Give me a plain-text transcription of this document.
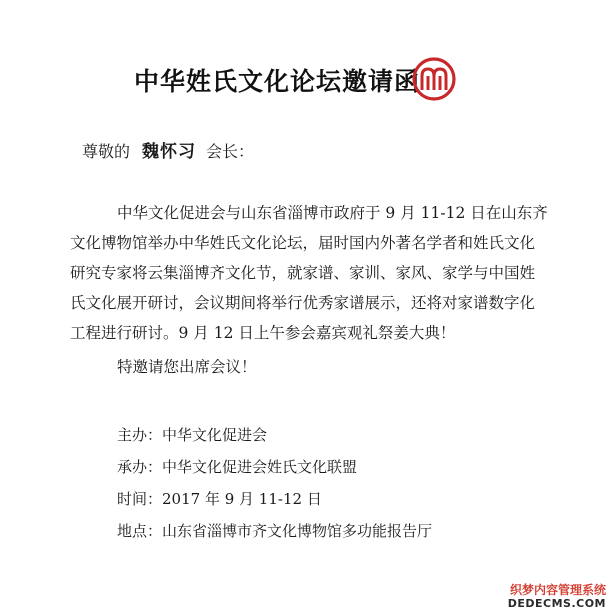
中华姓氏文化论坛邀请函
尊敬的 魏怀习 会长：

中华文化促进会与山东省淄博市政府于 9 月 11-12 日在山东齐
文化博物馆举办中华姓氏文化论坛，届时国内外著名学者和姓氏文化
研究专家将云集淄博齐文化节，就家谱、家训、家风、家学与中国姓
氏文化展开研讨，会议期间将举行优秀家谱展示，还将对家谱数字化
工程进行研讨。9 月 12 日上午参会嘉宾观礼祭姜大典！

特邀请您出席会议！
主办：中华文化促进会
承办：中华文化促进会姓氏文化联盟
时间：2017 年 9 月 11-12 日
地点：山东省淄博市齐文化博物馆多功能报告厅
织梦内容管理系统
DEDECMS.COM
